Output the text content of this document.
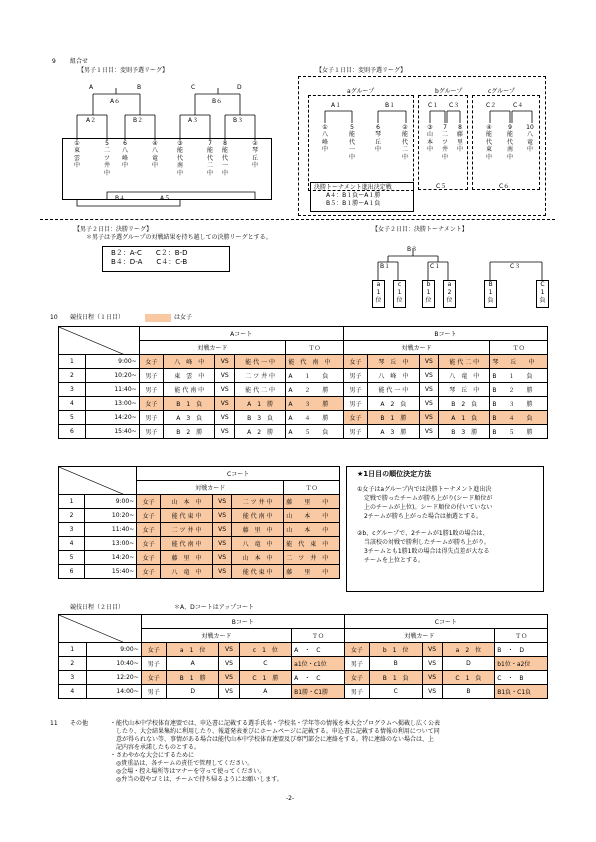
9 組合せ
【男子１日目：変則予選リーグ】	【女子１日目：変則予選リーグ】
A	B
A６
C	D
B６
A２	B２	A３	B３
B４	A５
①
東
雲
中
5
二
ツ
井
中
6
八
峰
中
④
八
竜
中
③
能
代
南
中
7
能
代
二
中
8
能
代
一
中
②
琴
丘
中
aグループ	bグループ	cグループ
A１	B１	C１ C３	C２	C４
C５	C６
①
八
峰
中
5
能
代
一
中
6
琴
丘
中
②
能
代
二
中
③
山
本
中
7
二
ツ
井
中
8
藤
里
中
④
能
代
東
中
9
能
代
南
中
10
八
竜
中
決勝トーナメント進出決定戦
A４：B１負ーA１勝
B５：B１勝ーA１負
【男子２日目：決勝リーグ】
＊男子は予選グループの対戦結果を持ち越しての決勝リーグとする。
B２：A-C　　C２：B-D
B４：D-A　　C４：C-B
【女子２日目：決勝トーナメント】
B３
B１	C１	C３
a
1
位
c
1
位
b
1
位
a
2
位
B
1
負
C
1
負
10 競技日程（１日目）	は女子
	Aコート					Bコート				
		対戦カード				ＴＯ	対戦カード				ＴＯ
1	9:00~	女子	八　峰　中	VS	能 代 一 中	能　代　南　中	女子	琴　丘　中	VS	能 代 二 中	琴　　丘　　中
2	10:20~	男子	東　雲　中	VS	二 ツ 井 中	A　　１　　負	男子	八　峰　中	VS	八　竜　中	B　　１　　負
3	11:40~	男子	能 代 南 中	VS	能 代 二 中	A　　２　　勝	男子	能 代 一 中	VS	琴　丘　中	B　　２　　勝
4	13:00~	女子	B　1　負	VS	A　1　勝	A　　３　　勝	男子	A　2　負	VS	B　2　負	B　　３　　勝
5	14:20~	男子	A　3　負	VS	B　3　負	A　　４　　勝	女子	B　1　勝	VS	A　1　負	B　　４　　負
6	15:40~	男子	B　2　勝	VS	A　2　勝	A　　５　　負	男子	A　3　勝	VS	B　3　勝	B　　５　　勝
	Cコート				
		対戦カード				ＴＯ
1	9:00~	女子	山　本　中	VS	二 ツ 井 中	藤　　里　　中
2	10:20~	女子	能 代 東 中	VS	能 代 南 中	山　　本　　中
3	11:40~	女子	二 ツ 井 中	VS	藤　里　中	山　　本　　中
4	13:00~	女子	能 代 南 中	VS	八　竜　中	能　代　東　中
5	14:20~	女子	藤　里　中	VS	山　本　中	二　ツ　井　中
6	15:40~	女子	八　竜　中	VS	能 代 東 中	藤　　里　　中
★1日目の順位決定方法
①女子はaグループ内では決勝トーナメント進出決
定戦で勝ったチームが勝ち上がり(シード順位が
上のチームが上位)。シード順位の付いていない
2チームが勝ち上がった場合は抽選とする。
②b、cグループで、2チームが1勝1敗の場合は、
当該校の対戦で勝利したチームが勝ち上がり。
3チームとも1勝1敗の場合は得失点差が大なる
チームを上位とする。
競技日程（２日目）	＊A、Dコートはアップコート
	Bコート					Cコート				
		対戦カード				ＴＯ	対戦カード				ＴＯ
1	9:00~	女子	a　1　位	VS	c　1　位	A　・　C	女子	b　1　位	VS	a　2　位	B　・　D
2	10:40~	男子	A	VS	C	a1位・c1位	男子	B	VS	D	b1位・a2位
3	12:20~	女子	B　1　勝	VS	C　1　勝	A　・　C	女子	B　1　負	VS	C　1　負	C　・　B
4	14:00~	男子	D	VS	A	B1勝・C1勝	男子	C	VS	B	B1負・C1負
11 その他	・能代山本中学校体育連盟では、申込書に記載する選手氏名・学校名・学年等の情報を本大会プログラムへ掲載し広く公表
したり、大会結果集約に利用したり、報道発表並びにホームページに記載する。申込書に記載する情報の利用について同
意が得られない等、事情がある場合は能代山本中学校体育連盟及び専門部会に連絡をする。特に連絡のない場合は、上
記内容を承諾したものとする。
・さわやかな大会にするために
◎貴重品は、各チームの責任で管理してください。
◎会場・控え場所等はマナーを守って使ってください。
◎弁当の殻やゴミは、チームで持ち帰るようにお願いします。
-2-
